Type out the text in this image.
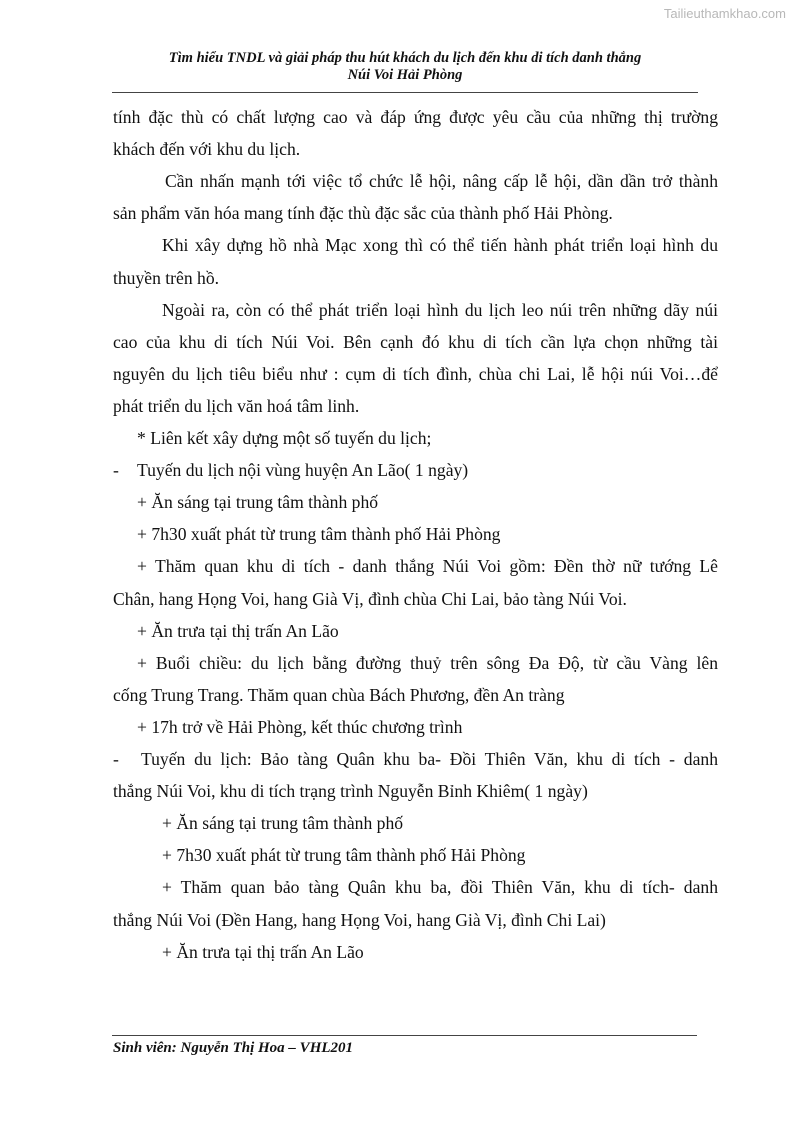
Tailieuthamkhao.com
Tìm hiểu TNDL và giải pháp thu hút khách du lịch đến khu di tích danh thắng
Núi Voi Hải Phòng
tính đặc thù có chất lượng cao và đáp ứng được yêu cầu của những thị trường
khách đến với khu du lịch.
Cần nhấn mạnh tới việc tổ chức lễ hội, nâng cấp lễ hội, dần dần trở thành
sản phẩm văn hóa mang tính đặc thù đặc sắc của thành phố Hải Phòng.
Khi xây dựng hồ nhà Mạc xong thì có thể tiến hành phát triển loại hình du
thuyền trên hồ.
Ngoài ra, còn có thể phát triển loại hình du lịch leo núi trên những dãy núi
cao của khu di tích Núi Voi. Bên cạnh đó khu di tích cần lựa chọn những tài
nguyên du lịch tiêu biểu như : cụm di tích đình, chùa chi Lai, lễ hội núi Voi…để
phát triển du lịch văn hoá tâm linh.
* Liên kết xây dựng một số tuyến du lịch;
Tuyến du lịch nội vùng huyện An Lão( 1 ngày)
-
+ Ăn sáng tại trung tâm thành phố
+ 7h30 xuất phát từ trung tâm thành phố Hải Phòng
+ Thăm quan khu di tích - danh thắng Núi Voi gồm: Đền thờ nữ tướng Lê
Chân, hang Họng Voi, hang Già Vị, đình chùa Chi Lai, bảo tàng Núi Voi.
+ Ăn trưa tại thị trấn An Lão
+ Buổi chiều: du lịch bằng đường thuỷ trên sông Đa Độ, từ cầu Vàng lên
cống Trung Trang. Thăm quan chùa Bách Phương, đền An tràng
+ 17h trở về Hải Phòng, kết thúc chương trình
Tuyến du lịch: Bảo tàng Quân khu ba- Đồi Thiên Văn, khu di tích - danh
-
thắng Núi Voi, khu di tích trạng trình Nguyễn Bỉnh Khiêm( 1 ngày)
+ Ăn sáng tại trung tâm thành phố
+ 7h30 xuất phát từ trung tâm thành phố Hải Phòng
+ Thăm quan bảo tàng Quân khu ba, đồi Thiên Văn, khu di tích- danh
thắng Núi Voi (Đền Hang, hang Họng Voi, hang Già Vị, đình Chi Lai)
+ Ăn trưa tại thị trấn An Lão
Sinh viên: Nguyễn Thị Hoa – VHL201
